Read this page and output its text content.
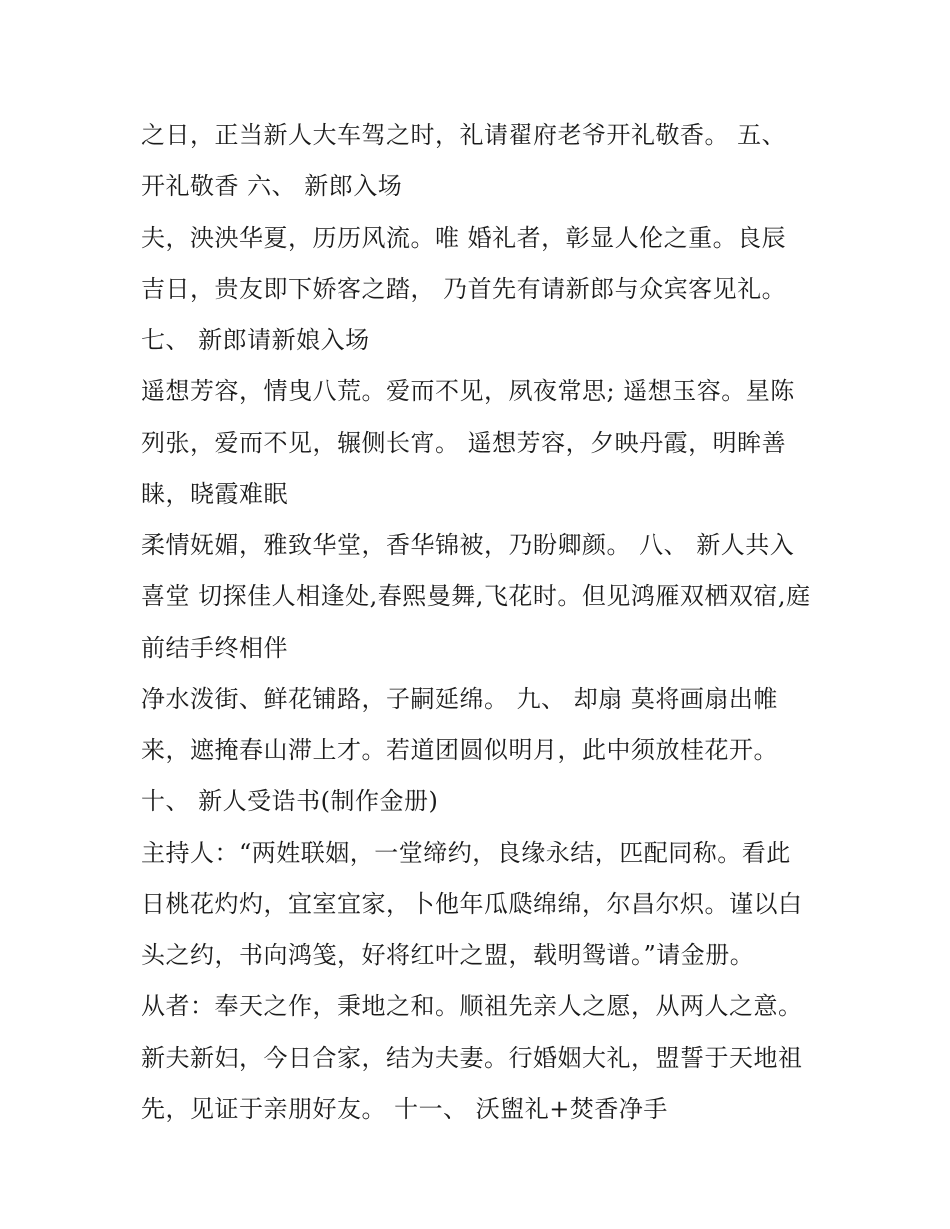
之日，正当新人大车驾之时，礼请翟府老爷开礼敬香。 五、
开礼敬香 六、 新郎入场
夫，泱泱华夏，历历风流。唯 婚礼者，彰显人伦之重。良辰
吉日，贵友即下娇客之踏， 乃首先有请新郎与众宾客见礼。
七、 新郎请新娘入场
遥想芳容，情曳八荒。爱而不见，夙夜常思; 遥想玉容。星陈
列张，爱而不见，辗侧长宵。 遥想芳容，夕映丹霞，明眸善
睐，晓霞难眠
柔情妩媚，雅致华堂，香华锦被，乃盼卿颜。 八、 新人共入
喜堂 切探佳人相逢处,春熙曼舞,飞花时。但见鸿雁双栖双宿,庭
前结手终相伴
净水泼街、鲜花铺路，子嗣延绵。 九、 却扇 莫将画扇出帷
来，遮掩春山滞上才。若道团圆似明月，此中须放桂花开。
十、 新人受诰书(制作金册)
主持人：“两姓联姻，一堂缔约，良缘永结，匹配同称。看此
日桃花灼灼，宜室宜家，卜他年瓜瓞绵绵，尔昌尔炽。谨以白
头之约，书向鸿笺，好将红叶之盟，载明鸳谱。”请金册。
从者：奉天之作，秉地之和。顺祖先亲人之愿，从两人之意。
新夫新妇，今日合家，结为夫妻。行婚姻大礼，盟誓于天地祖
先，见证于亲朋好友。 十一、 沃盥礼+焚香净手
